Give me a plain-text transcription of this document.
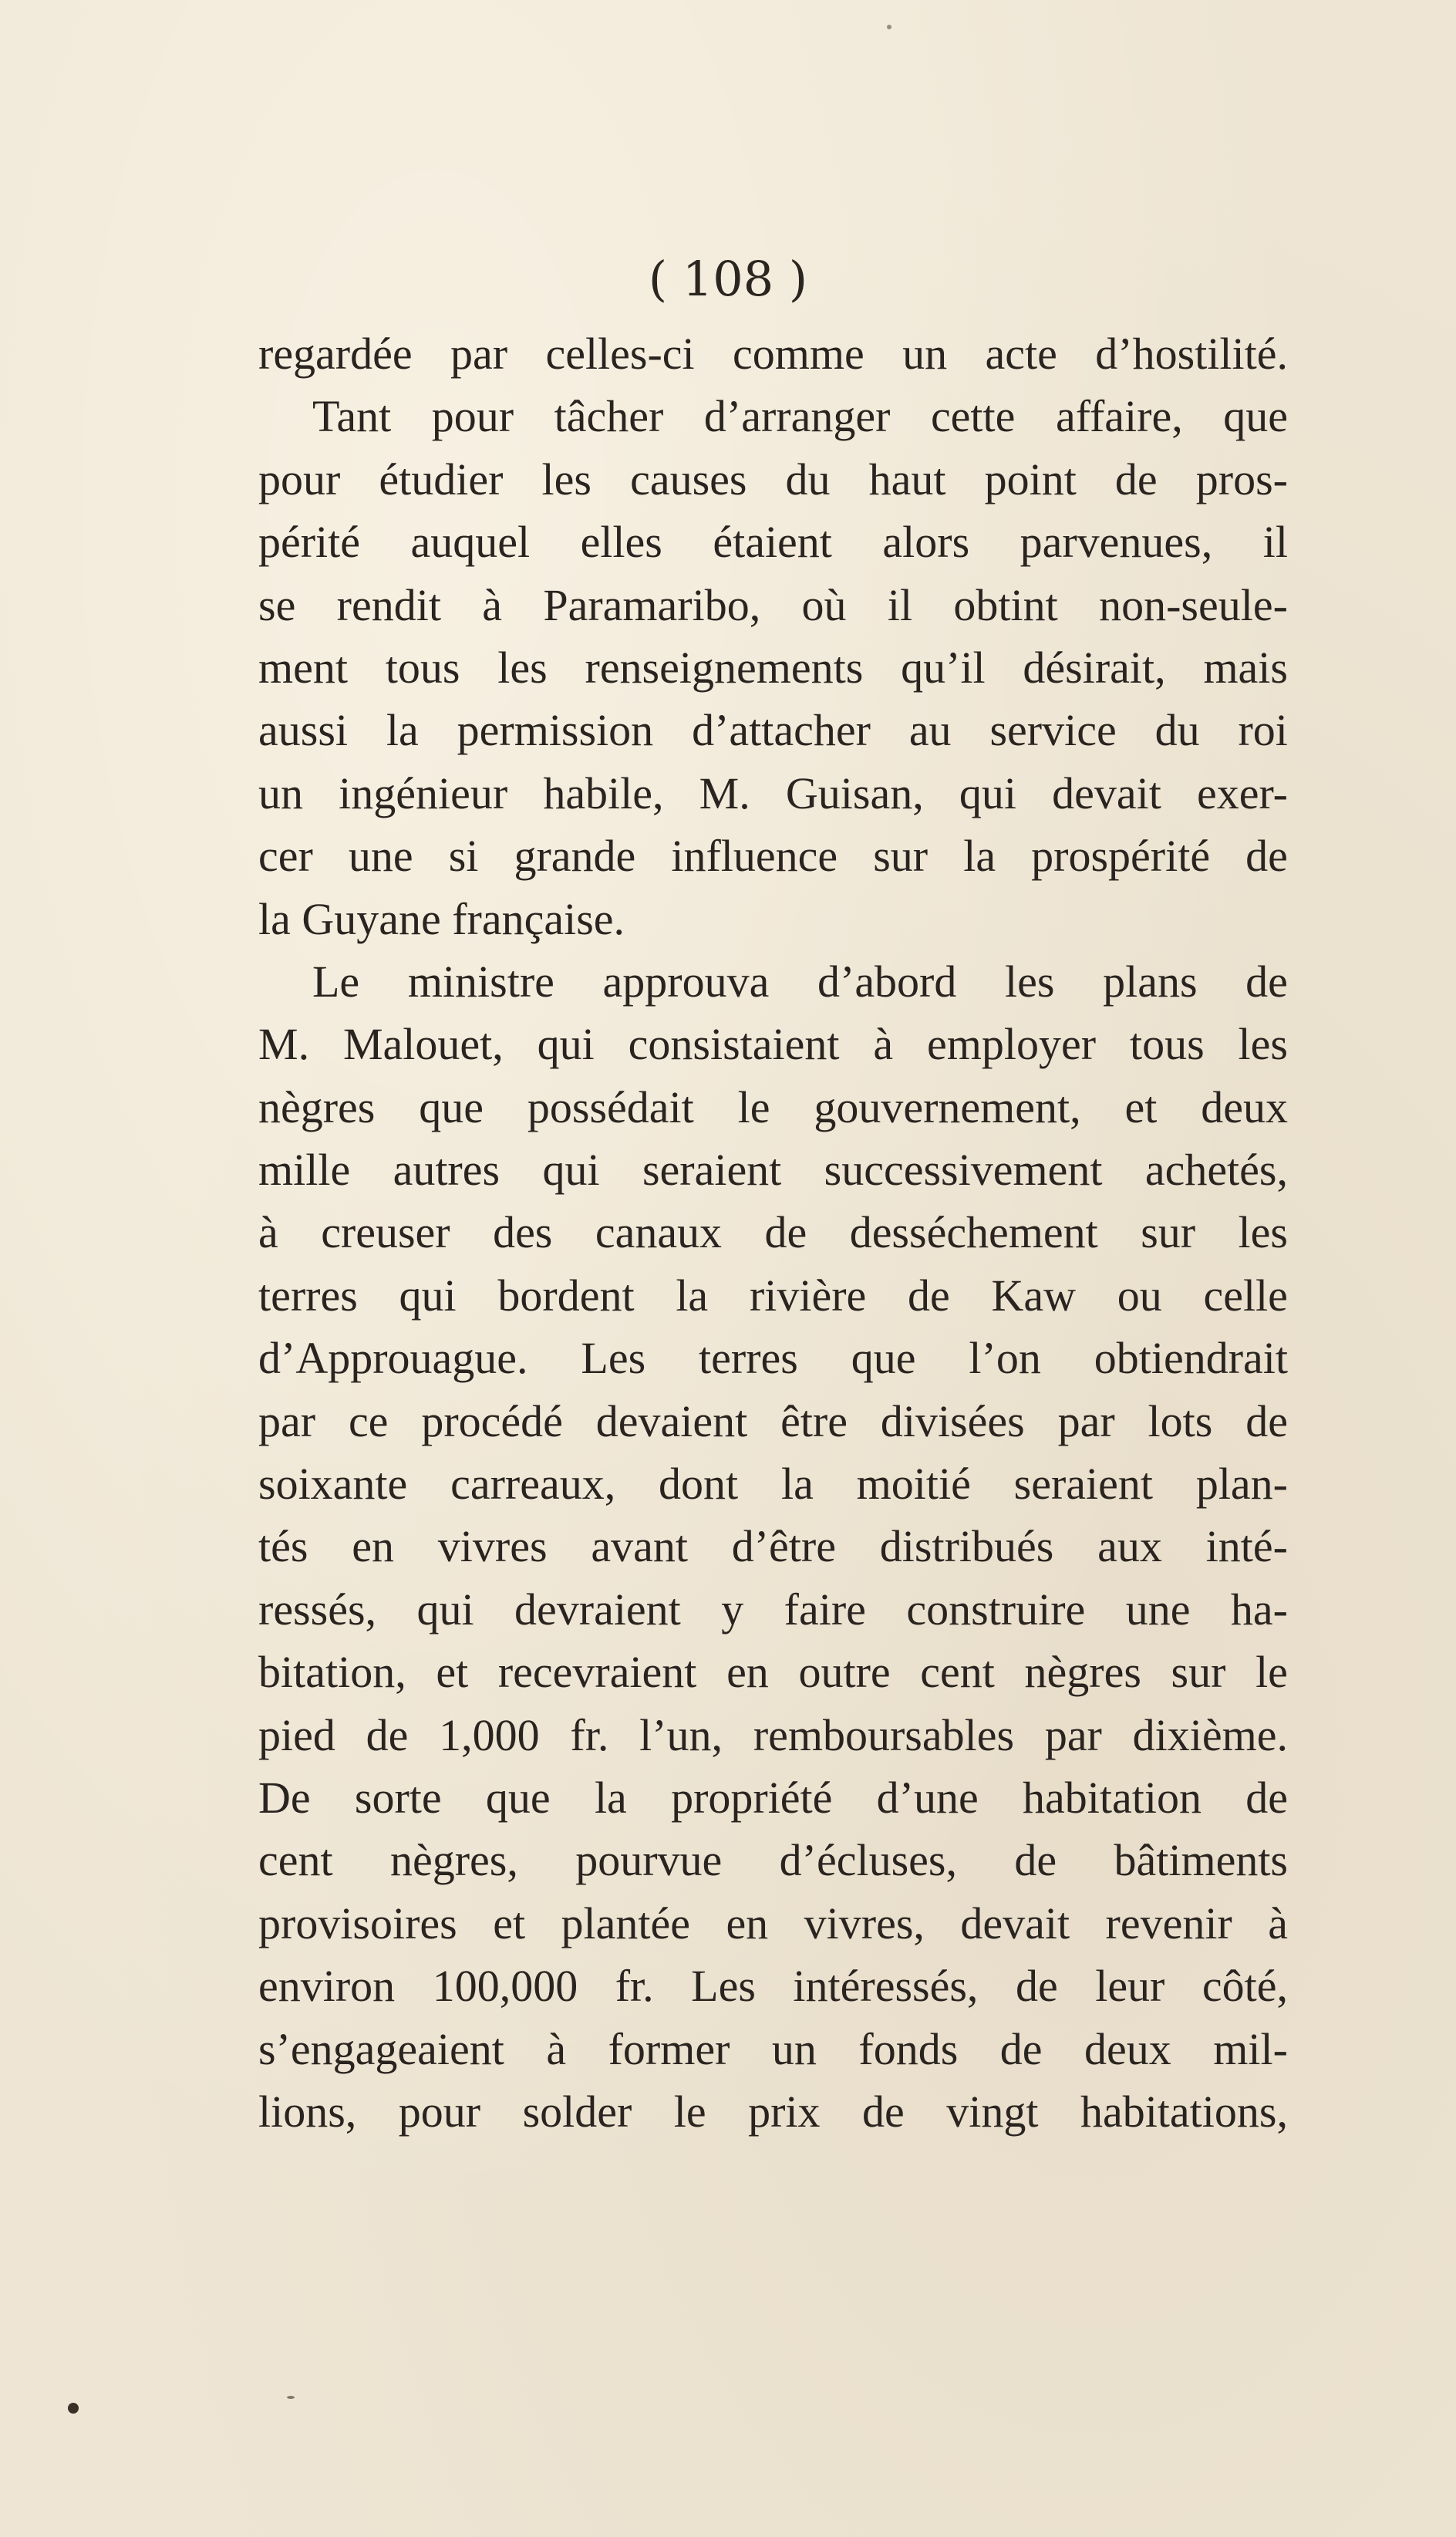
( 108 )

regardée par celles-ci comme un acte d’hostilité.
Tant pour tâcher d’arranger cette affaire, que
pour étudier les causes du haut point de pros-
périté auquel elles étaient alors parvenues, il
se rendit à Paramaribo, où il obtint non-seule-
ment tous les renseignements qu’il désirait, mais
aussi la permission d’attacher au service du roi
un ingénieur habile, M. Guisan, qui devait exer-
cer une si grande influence sur la prospérité de
la Guyane française.
Le ministre approuva d’abord les plans de
M. Malouet, qui consistaient à employer tous les
nègres que possédait le gouvernement, et deux
mille autres qui seraient successivement achetés,
à creuser des canaux de desséchement sur les
terres qui bordent la rivière de Kaw ou celle
d’Approuague. Les terres que l’on obtiendrait
par ce procédé devaient être divisées par lots de
soixante carreaux, dont la moitié seraient plan-
tés en vivres avant d’être distribués aux inté-
ressés, qui devraient y faire construire une ha-
bitation, et recevraient en outre cent nègres sur le
pied de 1,000 fr. l’un, remboursables par dixième.
De sorte que la propriété d’une habitation de
cent nègres, pourvue d’écluses, de bâtiments
provisoires et plantée en vivres, devait revenir à
environ 100,000 fr. Les intéressés, de leur côté,
s’engageaient à former un fonds de deux mil-
lions, pour solder le prix de vingt habitations,
